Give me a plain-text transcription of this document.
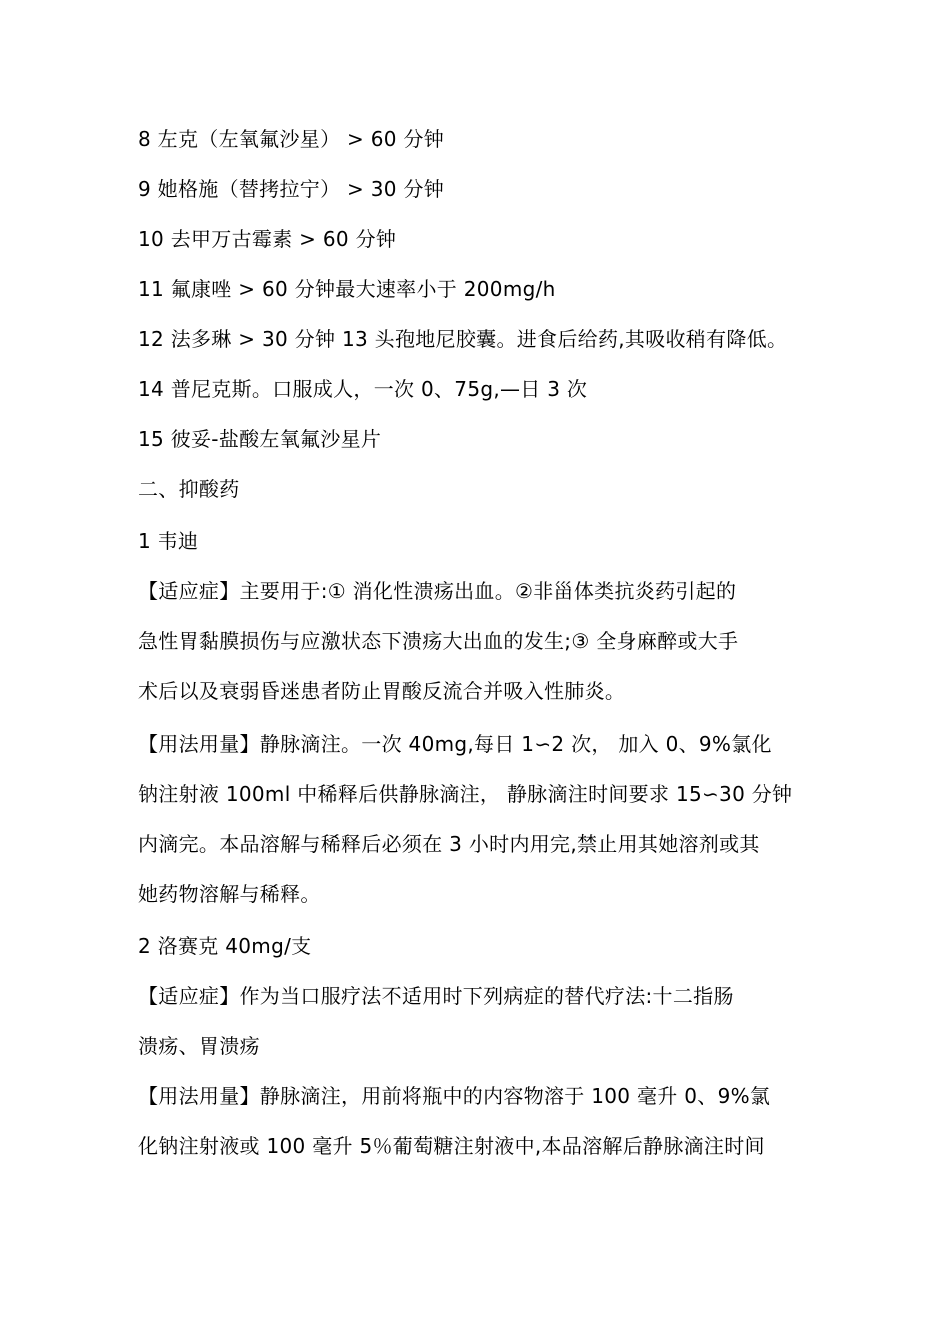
8 左克（左氧氟沙星） > 60 分钟
9 她格施（替拷拉宁） > 30 分钟
10 去甲万古霉素 > 60 分钟
11 氟康唑 > 60 分钟最大速率小于 200mg/h
12 法多琳 > 30 分钟 13 头孢地尼胶囊。进食后给药,其吸收稍有降低。
14 普尼克斯。口服成人，一次 0、75g,—日 3 次
15 彼妥-盐酸左氧氟沙星片
二、抑酸药
1 韦迪
【适应症】主要用于:① 消化性溃疡出血。②非甾体类抗炎药引起的
急性胃黏膜损伤与应激状态下溃疡大出血的发生;③ 全身麻醉或大手
术后以及衰弱昏迷患者防止胃酸反流合并吸入性肺炎。
【用法用量】静脉滴注。一次 40mg,每日 1∽2 次， 加入 0、9%氯化
钠注射液 100ml 中稀释后供静脉滴注， 静脉滴注时间要求 15∽30 分钟
内滴完。本品溶解与稀释后必须在 3 小时内用完,禁止用其她溶剂或其
她药物溶解与稀释。
2 洛赛克 40mg/支
【适应症】作为当口服疗法不适用时下列病症的替代疗法:十二指肠
溃疡、胃溃疡
【用法用量】静脉滴注，用前将瓶中的内容物溶于 100 毫升 0、9%氯
化钠注射液或 100 毫升 5％葡萄糖注射液中,本品溶解后静脉滴注时间
